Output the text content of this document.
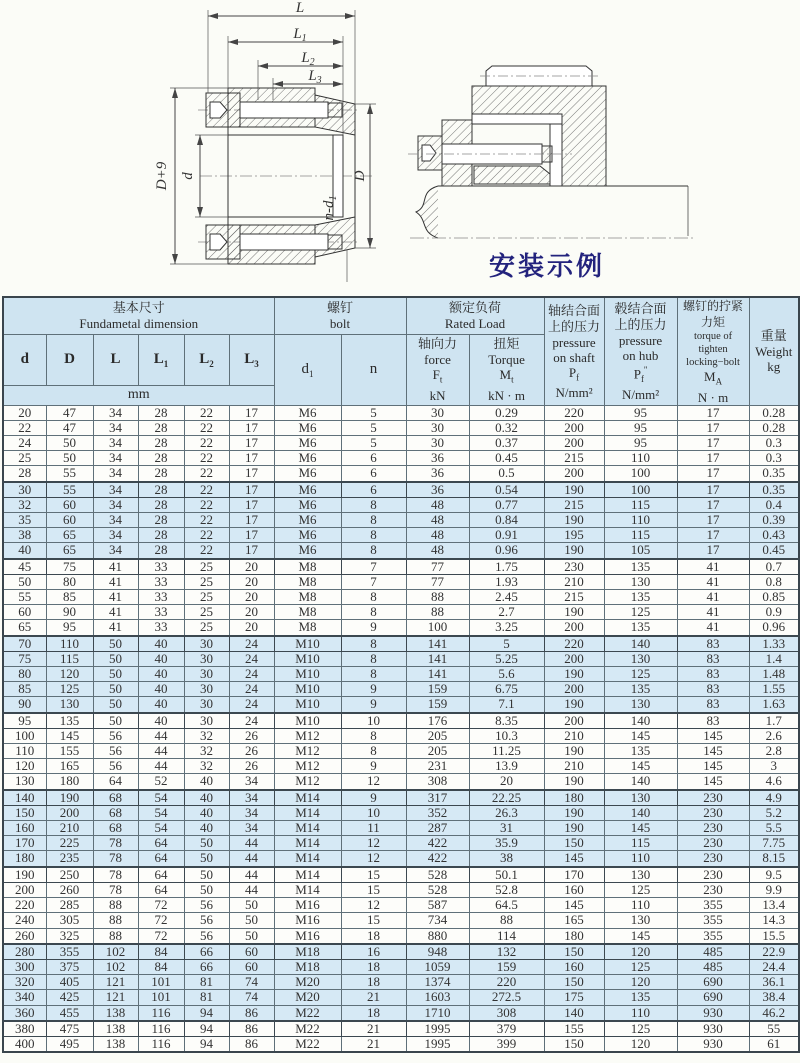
L
$L_1$
$L_2$
$L_3$
D+9 d	D
$n-d_1$
安装示例
基本尺寸
Fundametal dimension

螺钉
bolt

额定负荷
Rated Load

轴结合面
上的压力
pressure
on shaft
$P_f$
N/mm²

毂结合面
上的压力
pressure
on hub
$P_f''$
N/mm²

螺钉的拧紧
力矩
torque of
tighten
locking−bolt
$M_A$
N · m

重量
Weight
kg

d	D	L	$L_1$	$L_2$	$L_3$	$d_1$	n	
轴向力
force
$F_t$
kN

扭矩
Torque
$M_t$
kN · m

mm													
20	47	34	28	22	17	M6	5	30	0.29	220	95	17	0.28
22	47	34	28	22	17	M6	5	30	0.32	200	95	17	0.28
24	50	34	28	22	17	M6	5	30	0.37	200	95	17	0.3
25	50	34	28	22	17	M6	6	36	0.45	215	110	17	0.3
28	55	34	28	22	17	M6	6	36	0.5	200	100	17	0.35
30	55	34	28	22	17	M6	6	36	0.54	190	100	17	0.35
32	60	34	28	22	17	M6	8	48	0.77	215	115	17	0.4
35	60	34	28	22	17	M6	8	48	0.84	190	110	17	0.39
38	65	34	28	22	17	M6	8	48	0.91	195	115	17	0.43
40	65	34	28	22	17	M6	8	48	0.96	190	105	17	0.45
45	75	41	33	25	20	M8	7	77	1.75	230	135	41	0.7
50	80	41	33	25	20	M8	7	77	1.93	210	130	41	0.8
55	85	41	33	25	20	M8	8	88	2.45	215	135	41	0.85
60	90	41	33	25	20	M8	8	88	2.7	190	125	41	0.9
65	95	41	33	25	20	M8	9	100	3.25	200	135	41	0.96
70	110	50	40	30	24	M10	8	141	5	220	140	83	1.33
75	115	50	40	30	24	M10	8	141	5.25	200	130	83	1.4
80	120	50	40	30	24	M10	8	141	5.6	190	125	83	1.48
85	125	50	40	30	24	M10	9	159	6.75	200	135	83	1.55
90	130	50	40	30	24	M10	9	159	7.1	190	130	83	1.63
95	135	50	40	30	24	M10	10	176	8.35	200	140	83	1.7
100	145	56	44	32	26	M12	8	205	10.3	210	145	145	2.6
110	155	56	44	32	26	M12	8	205	11.25	190	135	145	2.8
120	165	56	44	32	26	M12	9	231	13.9	210	145	145	3
130	180	64	52	40	34	M12	12	308	20	190	140	145	4.6
140	190	68	54	40	34	M14	9	317	22.25	180	130	230	4.9
150	200	68	54	40	34	M14	10	352	26.3	190	140	230	5.2
160	210	68	54	40	34	M14	11	287	31	190	145	230	5.5
170	225	78	64	50	44	M14	12	422	35.9	150	115	230	7.75
180	235	78	64	50	44	M14	12	422	38	145	110	230	8.15
190	250	78	64	50	44	M14	15	528	50.1	170	130	230	9.5
200	260	78	64	50	44	M14	15	528	52.8	160	125	230	9.9
220	285	88	72	56	50	M16	12	587	64.5	145	110	355	13.4
240	305	88	72	56	50	M16	15	734	88	165	130	355	14.3
260	325	88	72	56	50	M16	18	880	114	180	145	355	15.5
280	355	102	84	66	60	M18	16	948	132	150	120	485	22.9
300	375	102	84	66	60	M18	18	1059	159	160	125	485	24.4
320	405	121	101	81	74	M20	18	1374	220	150	120	690	36.1
340	425	121	101	81	74	M20	21	1603	272.5	175	135	690	38.4
360	455	138	116	94	86	M22	18	1710	308	140	110	930	46.2
380	475	138	116	94	86	M22	21	1995	379	155	125	930	55
400	495	138	116	94	86	M22	21	1995	399	150	120	930	61
